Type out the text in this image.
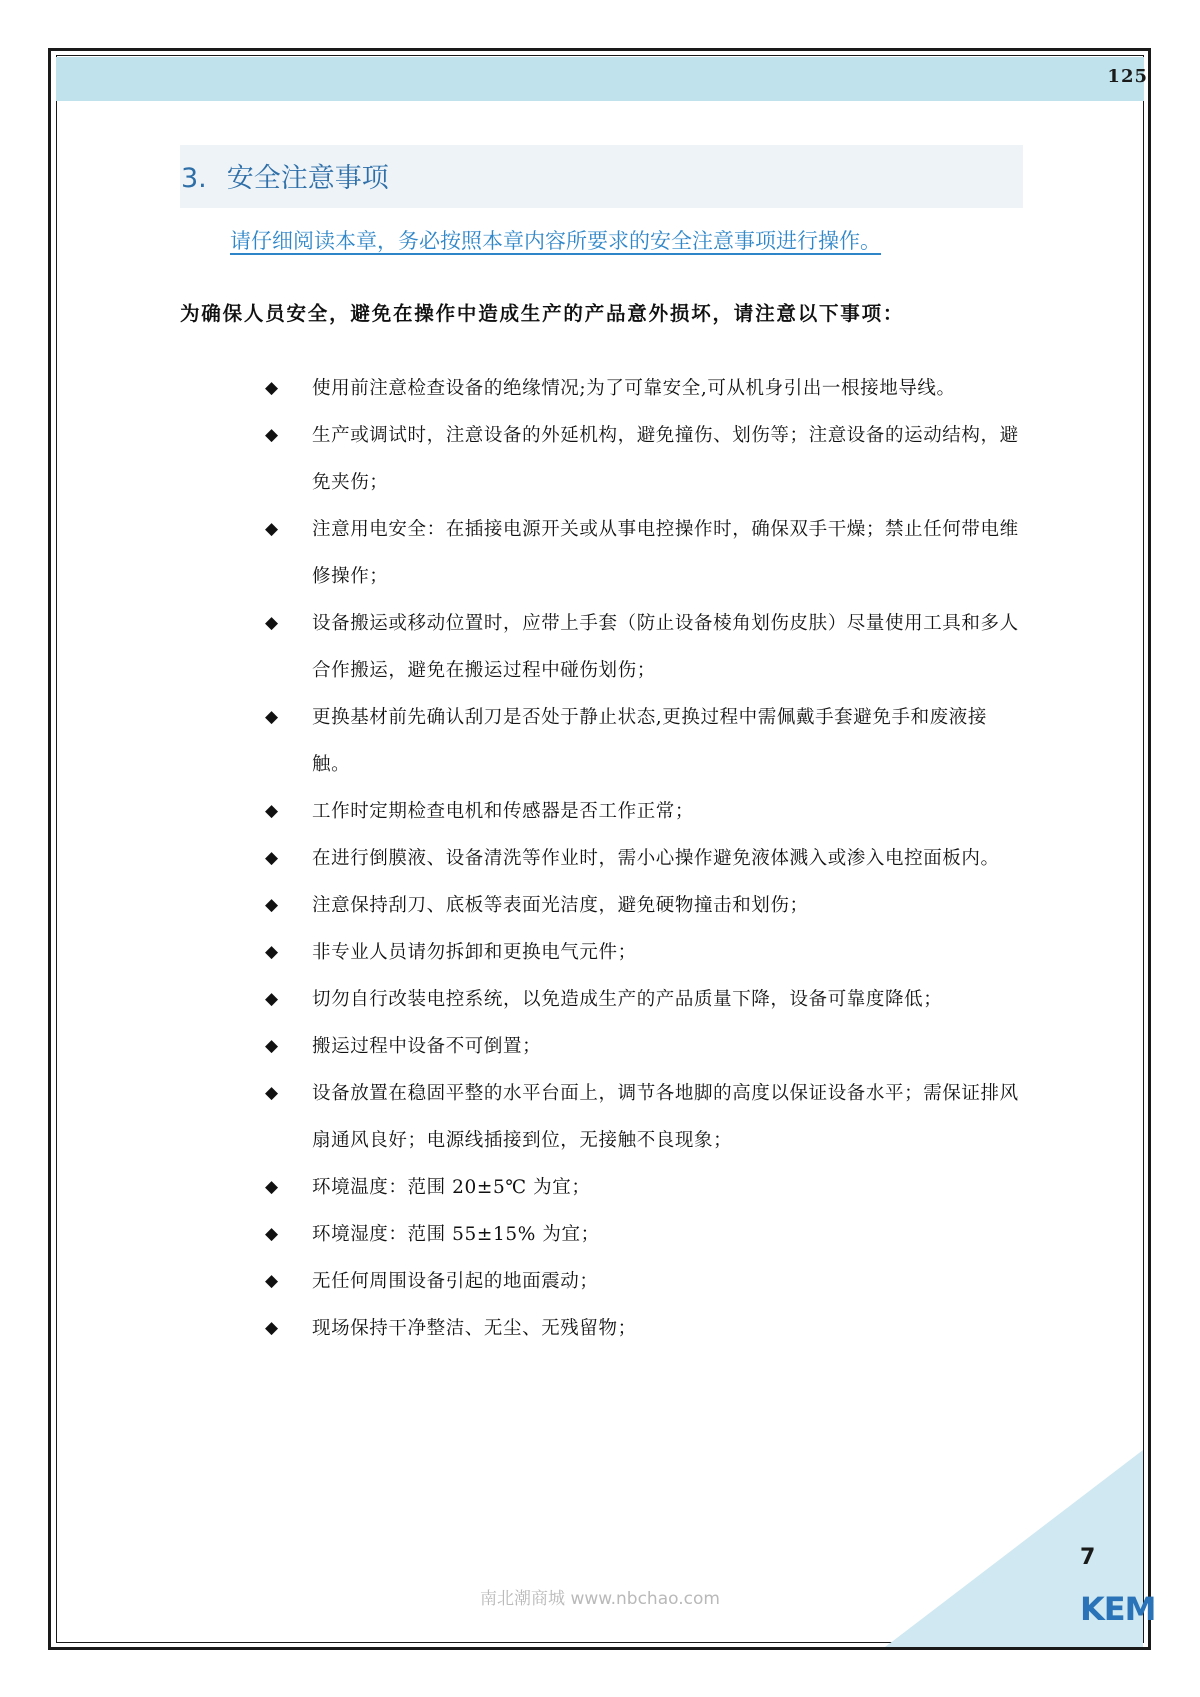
125
3. 安全注意事项
请仔细阅读本章，务必按照本章内容所要求的安全注意事项进行操作。
为确保人员安全，避免在操作中造成生产的产品意外损坏，请注意以下事项：
◆ 使用前注意检查设备的绝缘情况;为了可靠安全,可从机身引出一根接地导线。
◆ 生产或调试时，注意设备的外延机构，避免撞伤、划伤等；注意设备的运动结构，避免夹伤；
◆ 注意用电安全：在插接电源开关或从事电控操作时，确保双手干燥；禁止任何带电维修操作；
◆ 设备搬运或移动位置时，应带上手套（防止设备棱角划伤皮肤）尽量使用工具和多人合作搬运，避免在搬运过程中碰伤划伤；
◆ 更换基材前先确认刮刀是否处于静止状态,更换过程中需佩戴手套避免手和废液接触。
◆ 工作时定期检查电机和传感器是否工作正常；
◆ 在进行倒膜液、设备清洗等作业时，需小心操作避免液体溅入或渗入电控面板内。
◆ 注意保持刮刀、底板等表面光洁度，避免硬物撞击和划伤；
◆ 非专业人员请勿拆卸和更换电气元件；
◆ 切勿自行改装电控系统，以免造成生产的产品质量下降，设备可靠度降低；
◆ 搬运过程中设备不可倒置；
◆ 设备放置在稳固平整的水平台面上，调节各地脚的高度以保证设备水平；需保证排风扇通风良好；电源线插接到位，无接触不良现象；
◆ 环境温度：范围 20±5℃ 为宜；
◆ 环境湿度：范围 55±15% 为宜；
◆ 无任何周围设备引起的地面震动；
◆ 现场保持干净整洁、无尘、无残留物；
7
KEM
南北潮商城 www.nbchao.com
